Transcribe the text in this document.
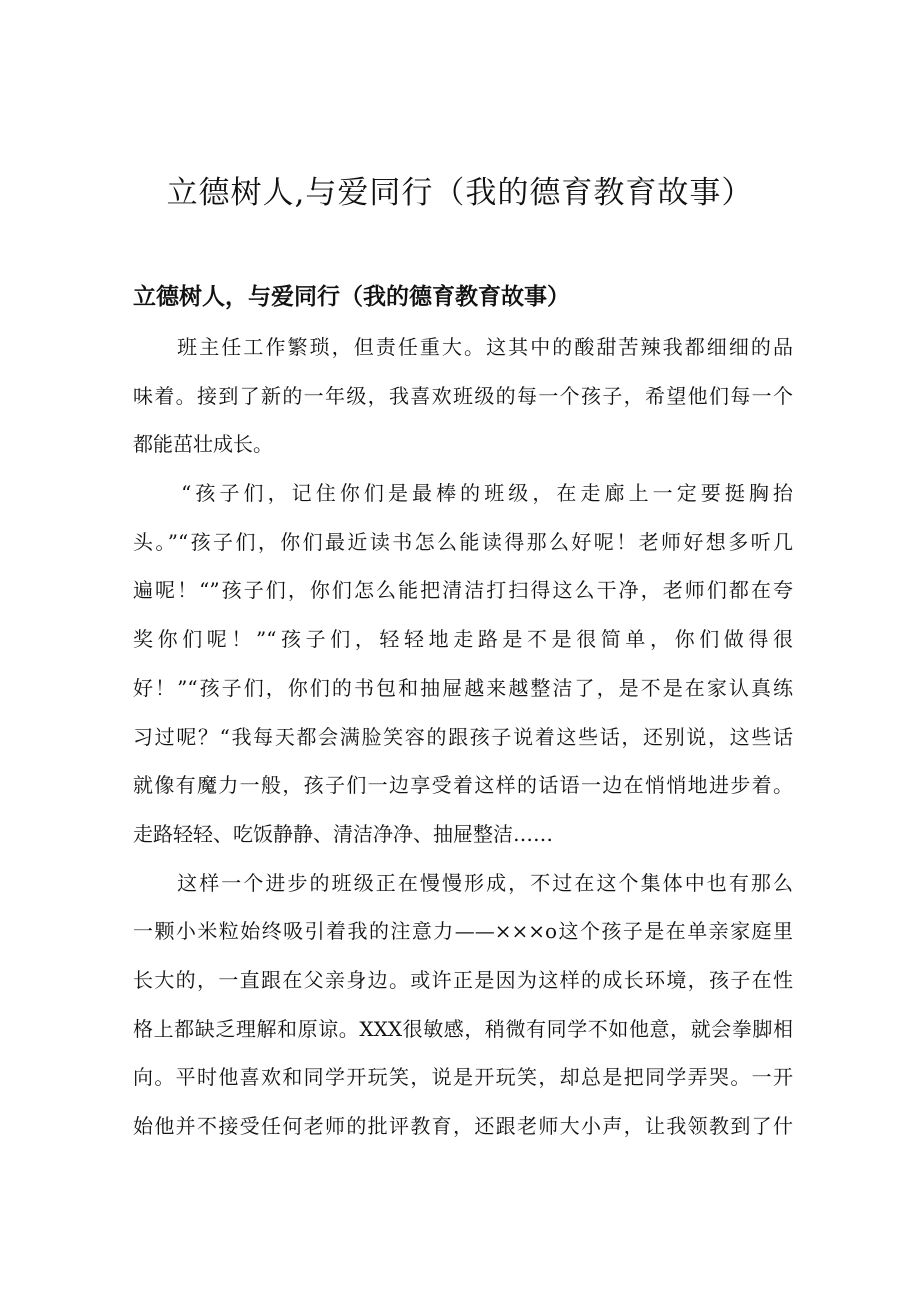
立德树人,与爱同行（我的德育教育故事）
立德树人，与爱同行（我的德育教育故事）
　　班主任工作繁琐，但责任重大。这其中的酸甜苦辣我都细细的品
味着。接到了新的一年级，我喜欢班级的每一个孩子，希望他们每一个
都能茁壮成长。
　　“孩子们，记住你们是最棒的班级，在走廊上一定要挺胸抬
头。”“孩子们，你们最近读书怎么能读得那么好呢！老师好想多听几
遍呢！“”孩子们，你们怎么能把清洁打扫得这么干净，老师们都在夸
奖你们呢！”“孩子们，轻轻地走路是不是很简单，你们做得很
好！”“孩子们，你们的书包和抽屉越来越整洁了，是不是在家认真练
习过呢？“我每天都会满脸笑容的跟孩子说着这些话，还别说，这些话
就像有魔力一般，孩子们一边享受着这样的话语一边在悄悄地进步着。
走路轻轻、吃饭静静、清洁净净、抽屉整洁……
　　这样一个进步的班级正在慢慢形成，不过在这个集体中也有那么
一颗小米粒始终吸引着我的注意力——×××o这个孩子是在单亲家庭里
长大的，一直跟在父亲身边。或许正是因为这样的成长环境，孩子在性
格上都缺乏理解和原谅。XXX很敏感，稍微有同学不如他意，就会拳脚相
向。平时他喜欢和同学开玩笑，说是开玩笑，却总是把同学弄哭。一开
始他并不接受任何老师的批评教育，还跟老师大小声，让我领教到了什
